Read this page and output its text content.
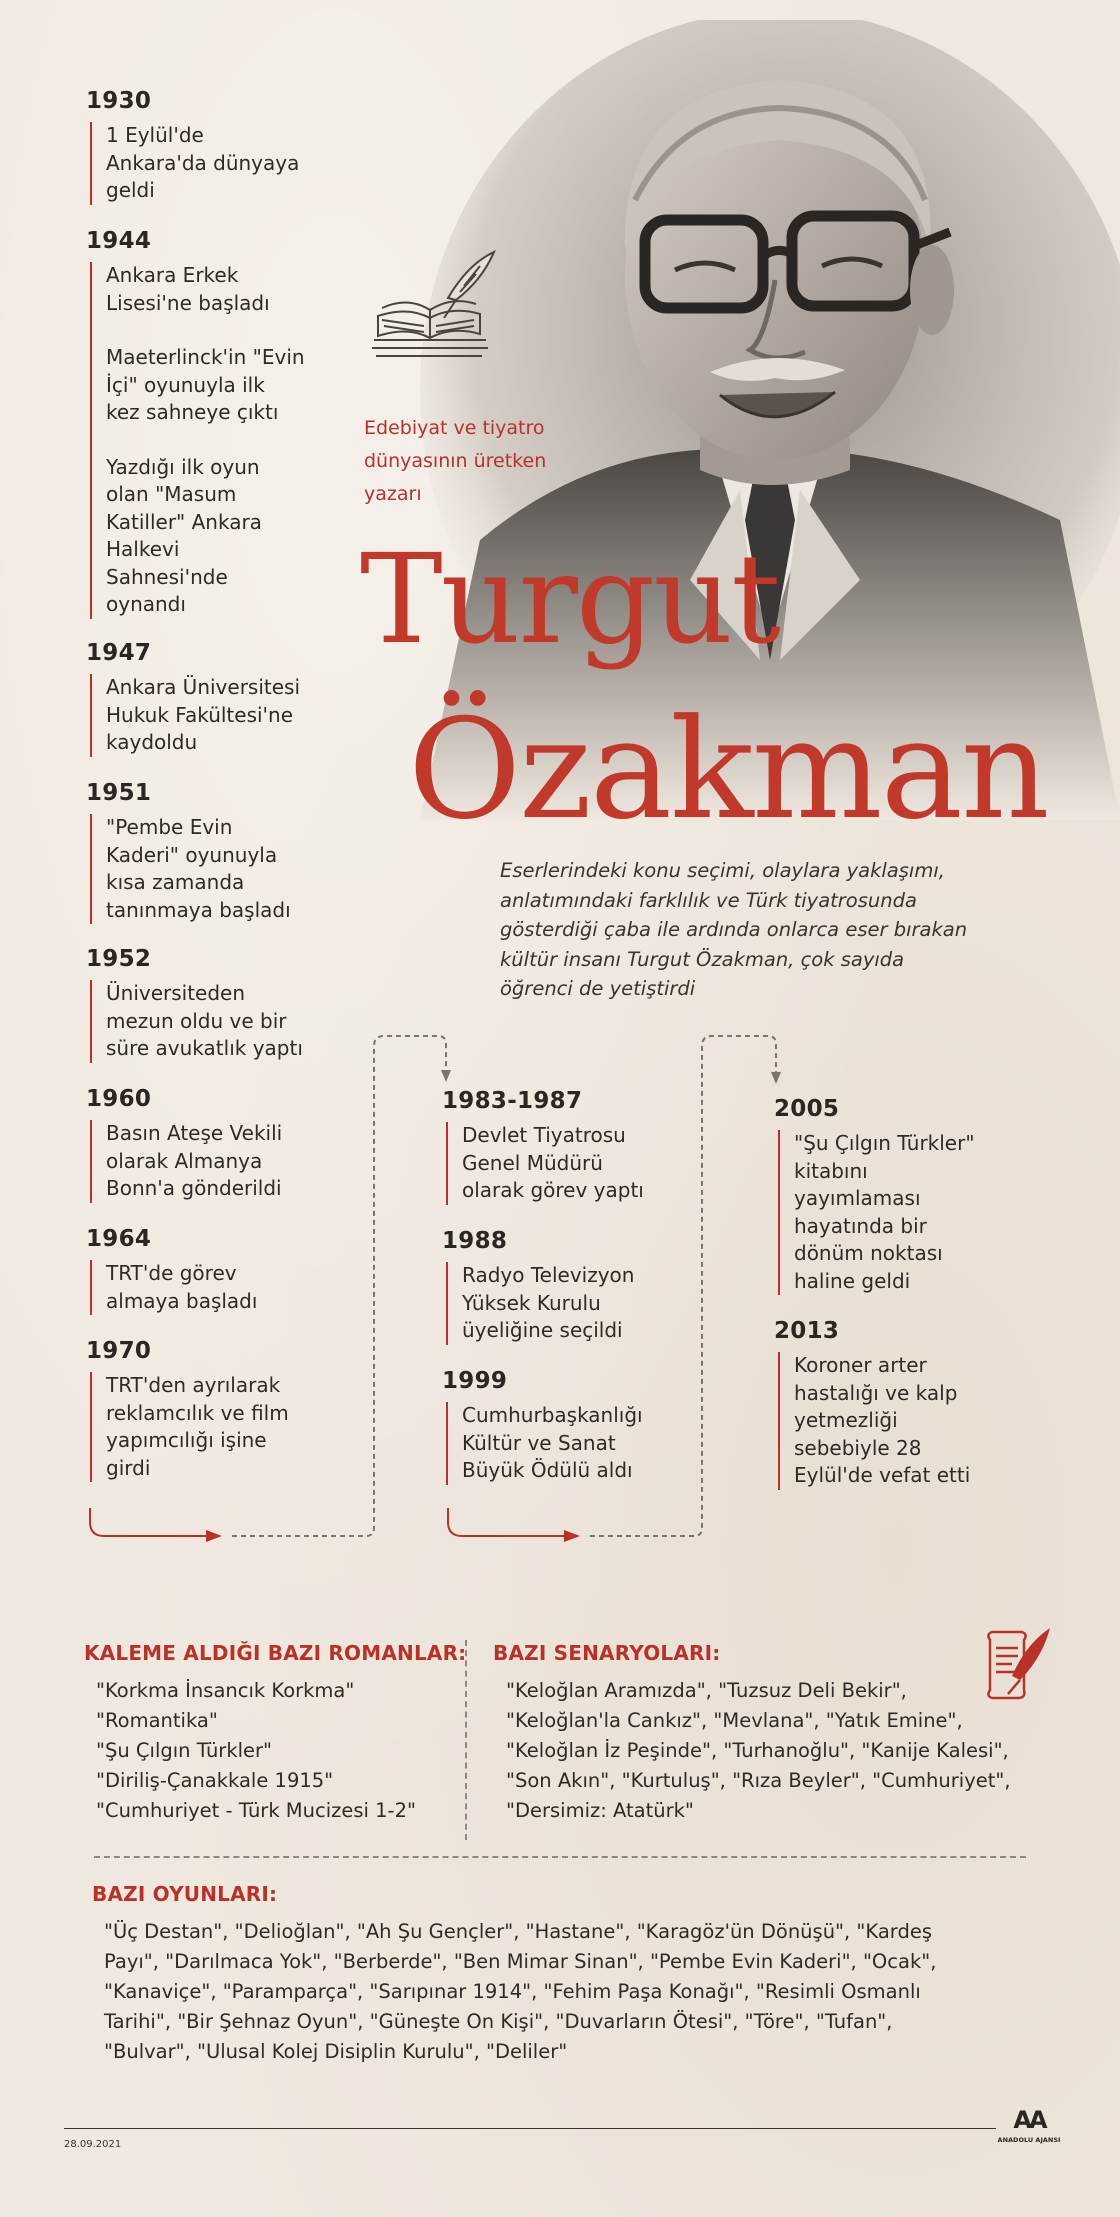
1930

1 Eylül'de
Ankara'da dünyaya
geldi

1944

Ankara Erkek
Lisesi'ne başladı

Maeterlinck'in "Evin
İçi" oyunuyla ilk
kez sahneye çıktı

Yazdığı ilk oyun
olan "Masum
Katiller" Ankara
Halkevi
Sahnesi'nde
oynandı

1947

Ankara Üniversitesi
Hukuk Fakültesi'ne
kaydoldu

1951

"Pembe Evin
Kaderi" oyunuyla
kısa zamanda
tanınmaya başladı

1952

Üniversiteden
mezun oldu ve bir
süre avukatlık yaptı

1960

Basın Ateşe Vekili
olarak Almanya
Bonn'a gönderildi

1964

TRT'de görev
almaya başladı

1970

TRT'den ayrılarak
reklamcılık ve film
yapımcılığı işine
girdi

1983-1987

Devlet Tiyatrosu
Genel Müdürü
olarak görev yaptı

1988

Radyo Televizyon
Yüksek Kurulu
üyeliğine seçildi

1999

Cumhurbaşkanlığı
Kültür ve Sanat
Büyük Ödülü aldı

2005

"Şu Çılgın Türkler"
kitabını
yayımlaması
hayatında bir
dönüm noktası
haline geldi

2013

Koroner arter
hastalığı ve kalp
yetmezliği
sebebiyle 28
Eylül'de vefat etti

Edebiyat ve tiyatro
dünyasının üretken
yazarı
Turgut
Özakman
Eserlerindeki konu seçimi, olaylara yaklaşımı,
anlatımındaki farklılık ve Türk tiyatrosunda
gösterdiği çaba ile ardında onlarca eser bırakan
kültür insanı Turgut Özakman, çok sayıda
öğrenci de yetiştirdi
KALEME ALDIĞI BAZI ROMANLAR:
"Korkma İnsancık Korkma"
"Romantika"
"Şu Çılgın Türkler"
"Diriliş-Çanakkale 1915"
"Cumhuriyet - Türk Mucizesi 1-2"
BAZI SENARYOLARI:
"Keloğlan Aramızda", "Tuzsuz Deli Bekir",
"Keloğlan'la Cankız", "Mevlana", "Yatık Emine",
"Keloğlan İz Peşinde", "Turhanoğlu", "Kanije Kalesi",
"Son Akın", "Kurtuluş", "Rıza Beyler", "Cumhuriyet",
"Dersimiz: Atatürk"
BAZI OYUNLARI:
"Üç Destan", "Delioğlan", "Ah Şu Gençler", "Hastane", "Karagöz'ün Dönüşü", "Kardeş
Payı", "Darılmaca Yok", "Berberde", "Ben Mimar Sinan", "Pembe Evin Kaderi", "Ocak",
"Kanaviçe", "Paramparça", "Sarıpınar 1914", "Fehim Paşa Konağı", "Resimli Osmanlı
Tarihi", "Bir Şehnaz Oyun", "Güneşte On Kişi", "Duvarların Ötesi", "Töre", "Tufan",
"Bulvar", "Ulusal Kolej Disiplin Kurulu", "Deliler"
28.09.2021
AA
ANADOLU AJANSI
